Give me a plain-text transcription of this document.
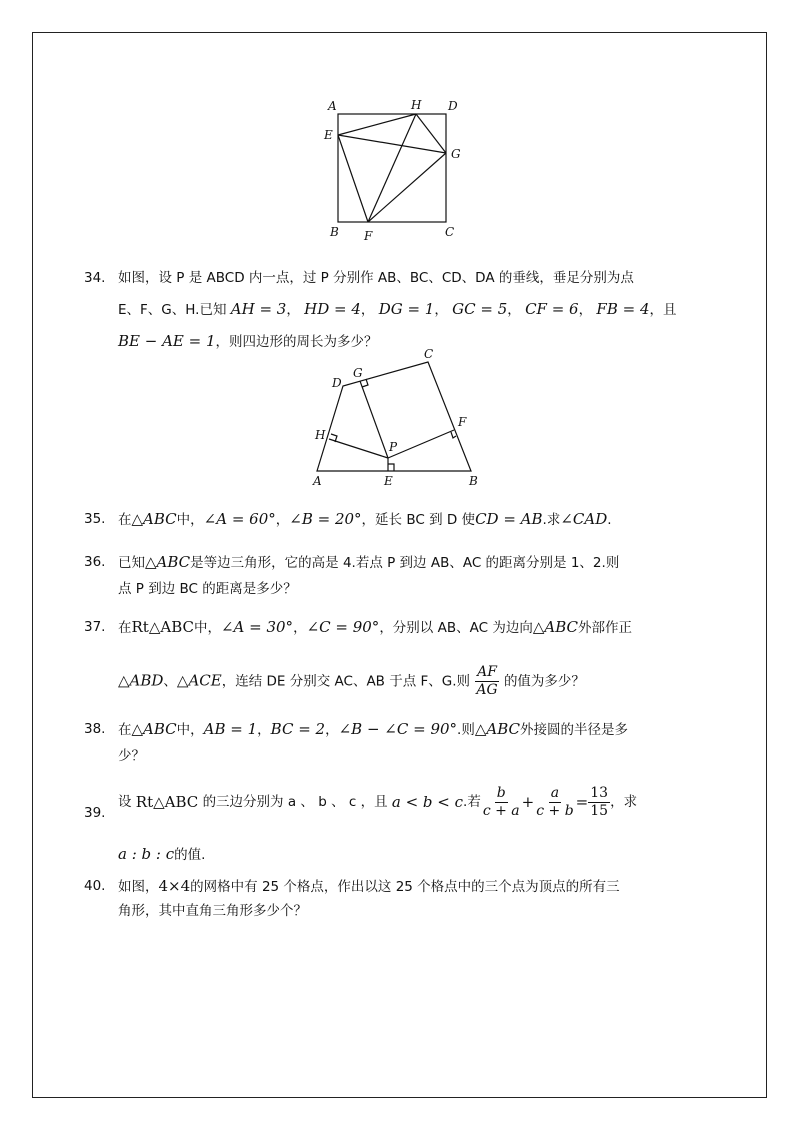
A	H D
E
G
B F	C
34. 如图，设 P 是 ABCD 内一点，过 P 分别作 AB、BC、CD、DA 的垂线，垂足分别为点
E、F、G、H.已知 AH = 3， HD = 4， DG = 1， GC = 5， CF = 6， FB = 4，且
BE − AE = 1，则四边形的周长为多少？
C
D
G
F
H
P
A	E	B
35. 在△ABC中，∠A = 60°，∠B = 20°，延长 BC 到 D 使CD = AB.求∠CAD.
36. 已知△ABC是等边三角形，它的高是 4.若点 P 到边 AB、AC 的距离分别是 1、2.则
点 P 到边 BC 的距离是多少？
37. 在Rt△ABC中，∠A = 30°，∠C = 90°，分别以 AB、AC 为边向△ABC外部作正
△ABD、△ACE，连结 DE 分别交 AC、AB 于点 F、G.则 $\frac{AF}{AG}$ 的值为多少？
38. 在△ABC中，AB = 1，BC = 2，∠B − ∠C = 90°.则△ABC外接圆的半径是多
少？
39.
设
Rt△ABC
的三边分别为 a 、 b 、 c ，且
a < b < c .若 $\frac{b}{c + a} + \frac{a}{c + b} = \frac{13}{15}$ ，求
a : b : c的值.
40. 如图，4×4的网格中有 25 个格点，作出以这 25 个格点中的三个点为顶点的所有三
角形，其中直角三角形多少个？
